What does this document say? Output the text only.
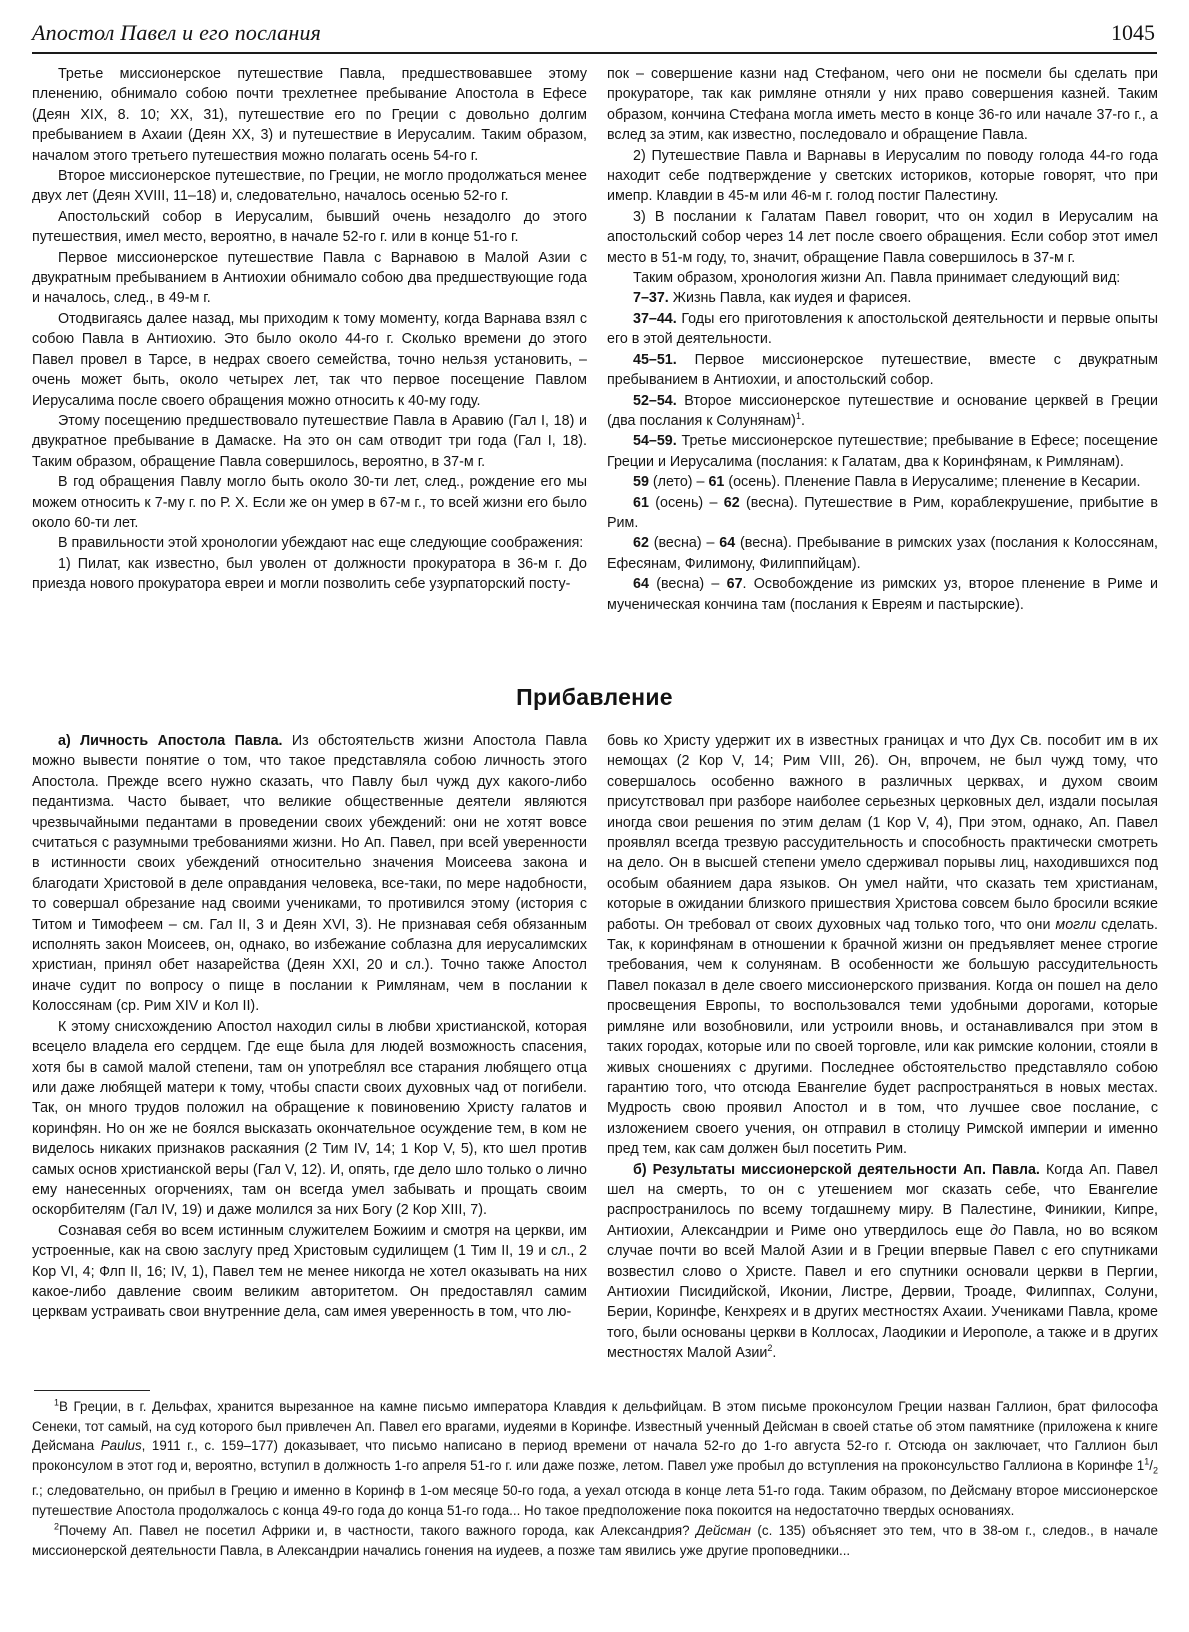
Апостол Павел и его послания	1045

Третье миссионерское путешествие Павла, предшествовавшее этому пленению, обнимало собою почти трехлетнее пребывание Апостола в Ефесе (Деян XIX, 8. 10; XX, 31), путешествие его по Греции с довольно долгим пребыванием в Ахаии (Деян XX, 3) и путешествие в Иерусалим. Таким образом, началом этого третьего путешествия можно полагать осень 54-го г.

Второе миссионерское путешествие, по Греции, не могло продолжаться менее двух лет (Деян XVIII, 11–18) и, следовательно, началось осенью 52-го г.

Апостольский собор в Иерусалим, бывший очень незадолго до этого путешествия, имел место, вероятно, в начале 52-го г. или в конце 51-го г.

Первое миссионерское путешествие Павла с Варнавою в Малой Азии с двукратным пребыванием в Антиохии обнимало собою два предшествующие года и началось, след., в 49-м г.

Отодвигаясь далее назад, мы приходим к тому моменту, когда Варнава взял с собою Павла в Антиохию. Это было около 44-го г. Сколько времени до этого Павел провел в Тарсе, в недрах своего семейства, точно нельзя установить, – очень может быть, около четырех лет, так что первое посещение Павлом Иерусалима после своего обращения можно относить к 40-му году.

Этому посещению предшествовало путешествие Павла в Аравию (Гал I, 18) и двукратное пребывание в Дамаске. На это он сам отводит три года (Гал I, 18). Таким образом, обращение Павла совершилось, вероятно, в 37-м г.

В год обращения Павлу могло быть около 30-ти лет, след., рождение его мы можем относить к 7-му г. по Р. Х. Если же он умер в 67-м г., то всей жизни его было около 60-ти лет.

В правильности этой хронологии убеждают нас еще следующие соображения:

1) Пилат, как известно, был уволен от должности прокуратора в 36-м г. До приезда нового прокуратора евреи и могли позволить себе узурпаторский посту-

пок – совершение казни над Стефаном, чего они не посмели бы сделать при прокураторе, так как римляне отняли у них право совершения казней. Таким образом, кончина Стефана могла иметь место в конце 36-го или начале 37-го г., а вслед за этим, как известно, последовало и обращение Павла.

2) Путешествие Павла и Варнавы в Иерусалим по поводу голода 44-го года находит себе подтверждение у светских историков, которые говорят, что при имепр. Клавдии в 45-м или 46-м г. голод постиг Палестину.

3) В послании к Галатам Павел говорит, что он ходил в Иерусалим на апостольский собор через 14 лет после своего обращения. Если собор этот имел место в 51-м году, то, значит, обращение Павла совершилось в 37-м г.

Таким образом, хронология жизни Ап. Павла принимает следующий вид:

7–37. Жизнь Павла, как иудея и фарисея.

37–44. Годы его приготовления к апостольской деятельности и первые опыты его в этой деятельности.

45–51. Первое миссионерское путешествие, вместе с двукратным пребыванием в Антиохии, и апостольский собор.

52–54. Второе миссионерское путешествие и основание церквей в Греции (два послания к Солунянам)$^1$.

54–59. Третье миссионерское путешествие; пребывание в Ефесе; посещение Греции и Иерусалима (послания: к Галатам, два к Коринфянам, к Римлянам).

59 (лето) – 61 (осень). Пленение Павла в Иерусалиме; пленение в Кесарии.

61 (осень) – 62 (весна). Путешествие в Рим, кораблекрушение, прибытие в Рим.

62 (весна) – 64 (весна). Пребывание в римских узах (послания к Колоссянам, Ефесянам, Филимону, Филиппийцам).

64 (весна) – 67. Освобождение из римских уз, второе пленение в Риме и мученическая кончина там (послания к Евреям и пастырские).

Прибавление

а) Личность Апостола Павла. Из обстоятельств жизни Апостола Павла можно вывести понятие о том, что такое представляла собою личность этого Апостола. Прежде всего нужно сказать, что Павлу был чужд дух какого-либо педантизма. Часто бывает, что великие общественные деятели являются чрезвычайными педантами в проведении своих убеждений: они не хотят вовсе считаться с разумными требованиями жизни. Но Ап. Павел, при всей уверенности в истинности своих убеждений относительно значения Моисеева закона и благодати Христовой в деле оправдания человека, все-таки, по мере надобности, то совершал обрезание над своими учениками, то противился этому (история с Титом и Тимофеем – см. Гал II, 3 и Деян XVI, 3). Не признавая себя обязанным исполнять закон Моисеев, он, однако, во избежание соблазна для иерусалимских христиан, принял обет назарейства (Деян XXI, 20 и сл.). Точно также Апостол иначе судит по вопросу о пище в послании к Римлянам, чем в послании к Колоссянам (ср. Рим XIV и Кол II).

К этому снисхождению Апостол находил силы в любви христианской, которая всецело владела его сердцем. Где еще была для людей возможность спасения, хотя бы в самой малой степени, там он употреблял все старания любящего отца или даже любящей матери к тому, чтобы спасти своих духовных чад от погибели. Так, он много трудов положил на обращение к повиновению Христу галатов и коринфян. Но он же не боялся высказать окончательное осуждение тем, в ком не виделось никаких признаков раскаяния (2 Тим IV, 14; 1 Кор V, 5), кто шел против самых основ христианской веры (Гал V, 12). И, опять, где дело шло только о лично ему нанесенных огорчениях, там он всегда умел забывать и прощать своим оскорбителям (Гал IV, 19) и даже молился за них Богу (2 Кор XIII, 7).

Сознавая себя во всем истинным служителем Божиим и смотря на церкви, им устроенные, как на свою заслугу пред Христовым судилищем (1 Тим II, 19 и сл., 2 Кор VI, 4; Флп II, 16; IV, 1), Павел тем не менее никогда не хотел оказывать на них какое-либо давление своим великим авторитетом. Он предоставлял самим церквам устраивать свои внутренние дела, сам имея уверенность в том, что лю-

бовь ко Христу удержит их в известных границах и что Дух Св. пособит им в их немощах (2 Кор V, 14; Рим VIII, 26). Он, впрочем, не был чужд тому, что совершалось особенно важного в различных церквах, и духом своим присутствовал при разборе наиболее серьезных церковных дел, издали посылая иногда свои решения по этим делам (1 Кор V, 4), При этом, однако, Ап. Павел проявлял всегда трезвую рассудительность и способность практически смотреть на дело. Он в высшей степени умело сдерживал порывы лиц, находившихся под особым обаянием дара языков. Он умел найти, что сказать тем христианам, которые в ожидании близкого пришествия Христова совсем было бросили всякие работы. Он требовал от своих духовных чад только того, что они могли сделать. Так, к коринфянам в отношении к брачной жизни он предъявляет менее строгие требования, чем к солунянам. В особенности же большую рассудительность Павел показал в деле своего миссионерского призвания. Когда он пошел на дело просвещения Европы, то воспользовался теми удобными дорогами, которые римляне или возобновили, или устроили вновь, и останавливался при этом в таких городах, которые или по своей торговле, или как римские колонии, стояли в живых сношениях с другими. Последнее обстоятельство представляло собою гарантию того, что отсюда Евангелие будет распространяться в новых местах. Мудрость свою проявил Апостол и в том, что лучшее свое послание, с изложением своего учения, он отправил в столицу Римской империи и именно пред тем, как сам должен был посетить Рим.

б) Результаты миссионерской деятельности Ап. Павла. Когда Ап. Павел шел на смерть, то он с утешением мог сказать себе, что Евангелие распространилось по всему тогдашнему миру. В Палестине, Финикии, Кипре, Антиохии, Александрии и Риме оно утвердилось еще до Павла, но во всяком случае почти во всей Малой Азии и в Греции впервые Павел с его спутниками возвестил слово о Христе. Павел и его спутники основали церкви в Пергии, Антиохии Писидийской, Иконии, Листре, Дервии, Троаде, Филиппах, Солуни, Берии, Коринфе, Кенхреях и в других местностях Ахаии. Учениками Павла, кроме того, были основаны церкви в Коллосах, Лаодикии и Иерополе, а также и в других местностях Малой Азии$^2$.

$^1$В Греции, в г. Дельфах, хранится вырезанное на камне письмо императора Клавдия к дельфийцам. В этом письме проконсулом Греции назван Галлион, брат философа Сенеки, тот самый, на суд которого был привлечен Ап. Павел его врагами, иудеями в Коринфе. Известный ученный Дейсман в своей статье об этом памятнике (приложена к книге Дейсмана Paulus, 1911 г., с. 159–177) доказывает, что письмо написано в период времени от начала 52-го до 1-го августа 52-го г. Отсюда он заключает, что Галлион был проконсулом в этот год и, вероятно, вступил в должность 1-го апреля 51-го г. или даже позже, летом. Павел уже пробыл до вступления на проконсульство Галлиона в Коринфе $1^1/_2$ г.; следовательно, он прибыл в Грецию и именно в Коринф в 1-ом месяце 50-го года, а уехал отсюда в конце лета 51-го года. Таким образом, по Дейсману второе миссионерское путешествие Апостола продолжалось с конца 49-го года до конца 51-го года... Но такое предположение пока покоится на недостаточно твердых основаниях.

$^2$Почему Ап. Павел не посетил Африки и, в частности, такого важного города, как Александрия? Дейсман (с. 135) объясняет это тем, что в 38-ом г., следов., в начале миссионерской деятельности Павла, в Александрии начались гонения на иудеев, а позже там явились уже другие проповедники...
